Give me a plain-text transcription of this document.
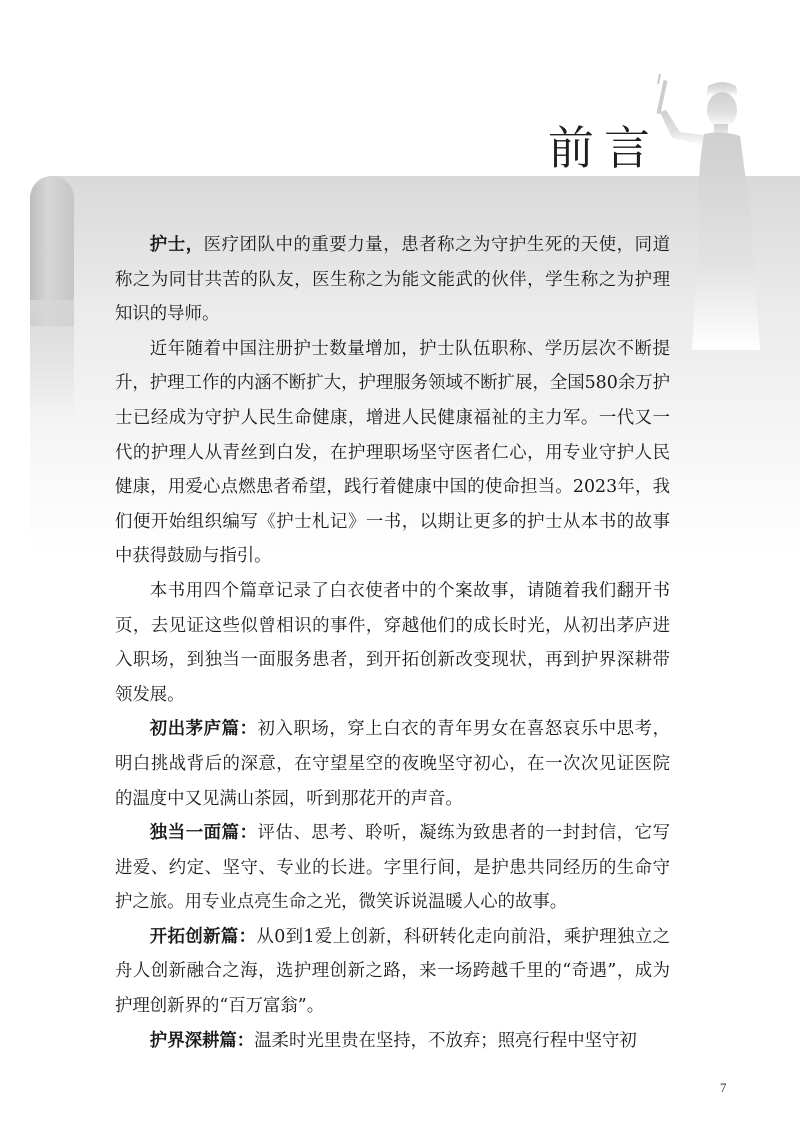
前言

护士，医疗团队中的重要力量，患者称之为守护生死的天使，同道称之为同甘共苦的队友，医生称之为能文能武的伙伴，学生称之为护理知识的导师。

近年随着中国注册护士数量增加，护士队伍职称、学历层次不断提升，护理工作的内涵不断扩大，护理服务领域不断扩展，全国580余万护士已经成为守护人民生命健康，增进人民健康福祉的主力军。一代又一代的护理人从青丝到白发，在护理职场坚守医者仁心，用专业守护人民健康，用爱心点燃患者希望，践行着健康中国的使命担当。2023年，我们便开始组织编写《护士札记》一书，以期让更多的护士从本书的故事中获得鼓励与指引。

本书用四个篇章记录了白衣使者中的个案故事，请随着我们翻开书页，去见证这些似曾相识的事件，穿越他们的成长时光，从初出茅庐进入职场，到独当一面服务患者，到开拓创新改变现状，再到护界深耕带领发展。

初出茅庐篇：初入职场，穿上白衣的青年男女在喜怒哀乐中思考，明白挑战背后的深意，在守望星空的夜晚坚守初心，在一次次见证医院的温度中又见满山茶园，听到那花开的声音。

独当一面篇：评估、思考、聆听，凝练为致患者的一封封信，它写进爱、约定、坚守、专业的长进。字里行间，是护患共同经历的生命守护之旅。用专业点亮生命之光，微笑诉说温暖人心的故事。

开拓创新篇：从0到1爱上创新，科研转化走向前沿，乘护理独立之舟人创新融合之海，选护理创新之路，来一场跨越千里的“奇遇”，成为护理创新界的“百万富翁”。

护界深耕篇：温柔时光里贵在坚持，不放弃；照亮行程中坚守初

7
